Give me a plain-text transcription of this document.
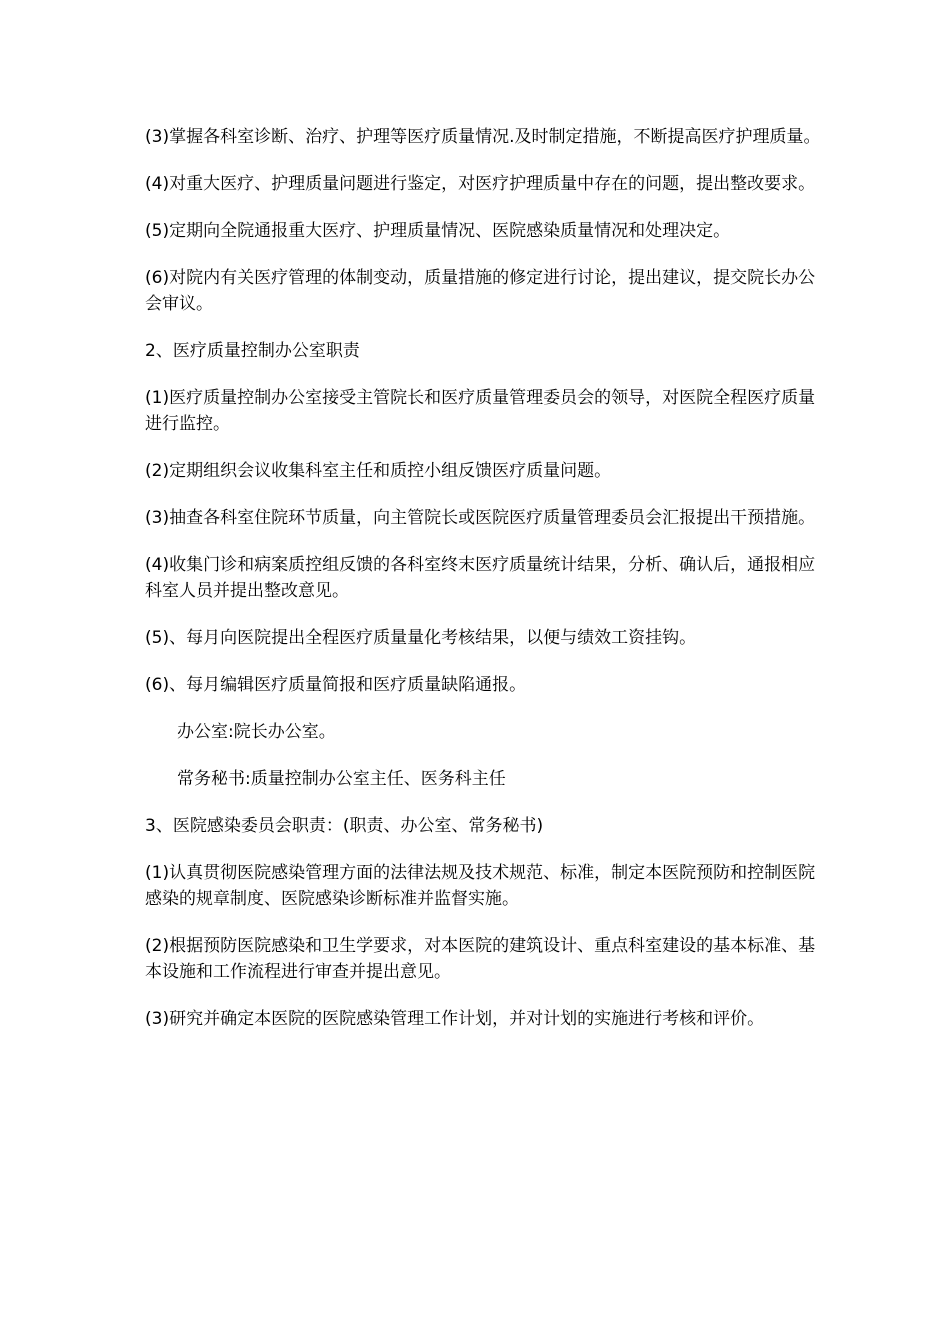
(3)掌握各科室诊断、治疗、护理等医疗质量情况.及时制定措施，不断提高医疗护理质量。

(4)对重大医疗、护理质量问题进行鉴定，对医疗护理质量中存在的问题，提出整改要求。

(5)定期向全院通报重大医疗、护理质量情况、医院感染质量情况和处理决定。

(6)对院内有关医疗管理的体制变动，质量措施的修定进行讨论，提出建议，提交院长办公会审议。

2、医疗质量控制办公室职责

(1)医疗质量控制办公室接受主管院长和医疗质量管理委员会的领导，对医院全程医疗质量进行监控。

(2)定期组织会议收集科室主任和质控小组反馈医疗质量问题。

(3)抽查各科室住院环节质量，向主管院长或医院医疗质量管理委员会汇报提出干预措施。

(4)收集门诊和病案质控组反馈的各科室终末医疗质量统计结果，分析、确认后，通报相应科室人员并提出整改意见。

(5)、每月向医院提出全程医疗质量量化考核结果，以便与绩效工资挂钩。

(6)、每月编辑医疗质量简报和医疗质量缺陷通报。

办公室:院长办公室。

常务秘书:质量控制办公室主任、医务科主任

3、医院感染委员会职责：(职责、办公室、常务秘书)

(1)认真贯彻医院感染管理方面的法律法规及技术规范、标准，制定本医院预防和控制医院感染的规章制度、医院感染诊断标准并监督实施。

(2)根据预防医院感染和卫生学要求，对本医院的建筑设计、重点科室建设的基本标准、基本设施和工作流程进行审查并提出意见。

(3)研究并确定本医院的医院感染管理工作计划，并对计划的实施进行考核和评价。
